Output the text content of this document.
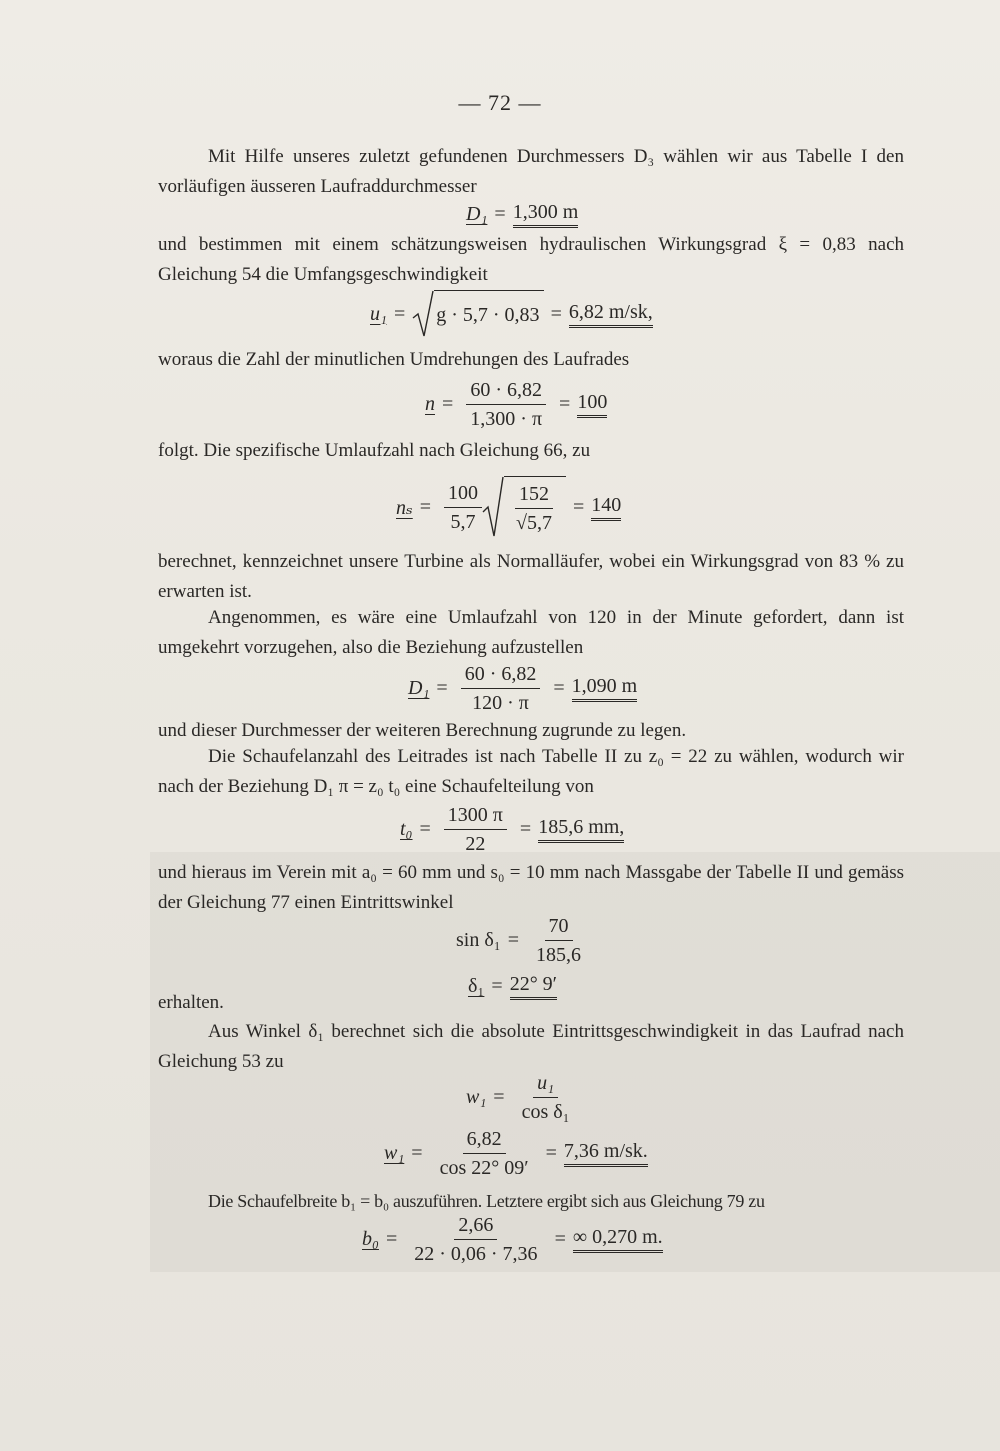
— 72 —
Mit Hilfe unseres zuletzt gefundenen Durchmessers D₃ wählen wir aus Tabelle I den vorläufigen äusseren Laufraddurchmesser
D₁ = 1,300 m
und bestimmen mit einem schätzungsweisen hydraulischen Wirkungsgrad ξ = 0,83 nach Gleichung 54 die Umfangsgeschwindigkeit
u₁ = g · 5,7 · 0,83 = 6,82 m/sk,
woraus die Zahl der minutlichen Umdrehungen des Laufrades
$n = \frac{60 \cdot 6,82}{1,300 \cdot \pi} = 100$
folgt. Die spezifische Umlaufzahl nach Gleichung 66, zu
$n_s = \frac{100}{5,7} \frac{152}{√5,7} = 140$
berechnet, kennzeichnet unsere Turbine als Normalläufer, wobei ein Wirkungsgrad von 83 % zu erwarten ist.
Angenommen, es wäre eine Umlaufzahl von 120 in der Minute gefordert, dann ist umgekehrt vorzugehen, also die Beziehung aufzustellen
$D_1 = \frac{60 \cdot 6,82}{120 \cdot \pi} = 1,090$ m
und dieser Durchmesser der weiteren Berechnung zugrunde zu legen.
Die Schaufelanzahl des Leitrades ist nach Tabelle II zu z₀ = 22 zu wählen, wodurch wir nach der Beziehung D₁ π = z₀ t₀ eine Schaufelteilung von
$t_0 = \frac{1300 \pi}{22} = 185,6$ mm,
und hieraus im Verein mit a₀ = 60 mm und s₀ = 10 mm nach Massgabe der Tabelle II und gemäss der Gleichung 77 einen Eintrittswinkel
$\sin \delta_1 = \frac{70}{185,6}$
δ₁ = 22° 9′
erhalten.
Aus Winkel δ₁ berechnet sich die absolute Eintrittsgeschwindigkeit in das Laufrad nach Gleichung 53 zu
$w_1 = \frac{\text{u₁}}{\text{cos δ₁}}$
$w_1 = \frac{6,82}{\cos 22^\circ 09'} = 7,36$ m/sk.
Die Schaufelbreite b₁ = b₀ auszuführen. Letztere ergibt sich aus Gleichung 79 zu
$b_0 = \frac{2,66}{22 \cdot 0,06 \cdot 7,36}$ = ∞ 0,270 m.
